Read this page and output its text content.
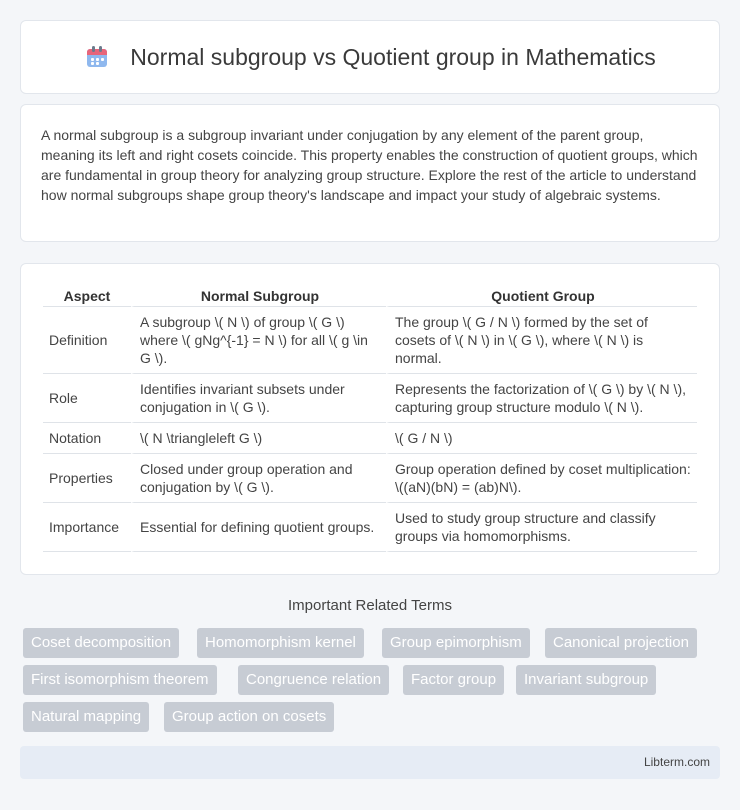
Normal subgroup vs Quotient group in Mathematics

A normal subgroup is a subgroup invariant under conjugation by any element of the parent group, meaning its left and right cosets coincide. This property enables the construction of quotient groups, which are fundamental in group theory for analyzing group structure. Explore the rest of the article to understand how normal subgroups shape group theory's landscape and impact your study of algebraic systems.

Aspect	Normal Subgroup	Quotient Group
Definition	A subgroup \( N \) of group \( G \) where \( gNg^{-1} = N \) for all \( g \in G \).	The group \( G / N \) formed by the set of cosets of \( N \) in \( G \), where \( N \) is normal.
Role	Identifies invariant subsets under conjugation in \( G \).	Represents the factorization of \( G \) by \( N \), capturing group structure modulo \( N \).
Notation	\( N \triangleleft G \)	\( G / N \)
Properties	Closed under group operation and conjugation by \( G \).	Group operation defined by coset multiplication: \((aN)(bN) = (ab)N\).
Importance	Essential for defining quotient groups.	Used to study group structure and classify groups via homomorphisms.
Important Related Terms
Coset decomposition	Homomorphism kernel	Group epimorphism	Canonical projection
First isomorphism theorem	Congruence relation	Factor group	Invariant subgroup
Natural mapping	Group action on cosets
Libterm.com
